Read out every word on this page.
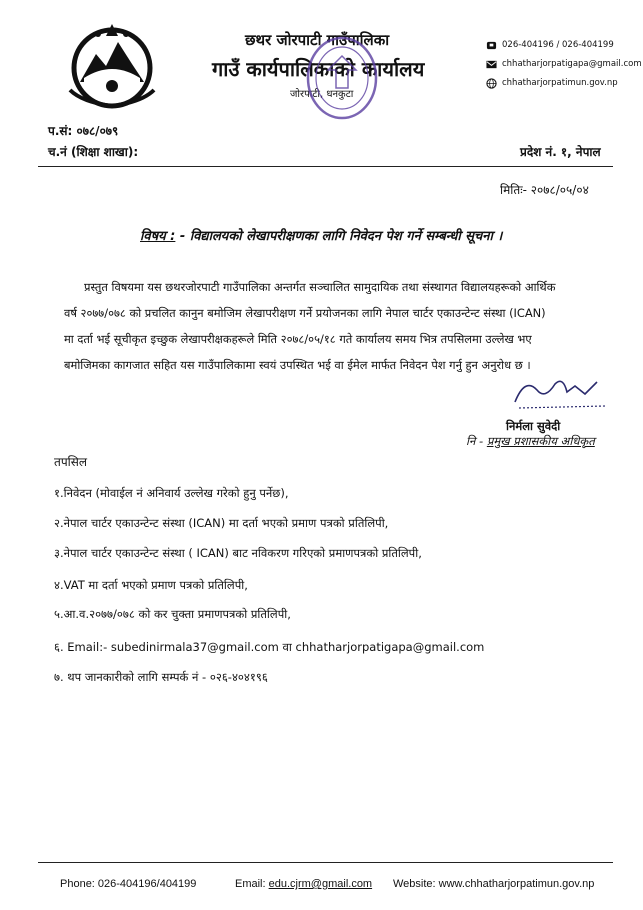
छथर जोरपाटी गाउँपालिका
गाउँ कार्यपालिकाको कार्यालय
जोरपाटी, धनकुटा
026-404196 / 026-404199
chhatharjorpatigapa@gmail.com
chhatharjorpatimun.gov.np
प.सं: ०७८/०७९
च.नं (शिक्षा शाखा):	प्रदेश नं. १, नेपाल
मितिः- २०७८/०५/०४
विषय : - विद्यालयको लेखापरीक्षणका लागि निवेदन पेश गर्ने सम्बन्धी सूचना ।
प्रस्तुत विषयमा यस छथरजोरपाटी गाउँपालिका अन्तर्गत सञ्चालित सामुदायिक तथा संस्थागत विद्यालयहरूको आर्थिक
वर्ष २०७७/०७८ को प्रचलित कानुन बमोजिम लेखापरीक्षण गर्ने प्रयोजनका लागि नेपाल चार्टर एकाउन्टेन्ट संस्था (ICAN)
मा दर्ता भई सूचीकृत इच्छुक लेखापरीक्षकहरूले मिति २०७८/०५/१८ गते कार्यालय समय भित्र तपसिलमा उल्लेख भए
बमोजिमका कागजात सहित यस गाउँपालिकामा स्वयं उपस्थित भई वा ईमेल मार्फत निवेदन पेश गर्नु हुन अनुरोध छ ।
निर्मला सुवेदी
नि - प्रमुख प्रशासकीय अधिकृत
तपसिल
१.निवेदन (मोवाईल नं अनिवार्य उल्लेख गरेको हुनु पर्नेछ),
२.नेपाल चार्टर एकाउन्टेन्ट संस्था (ICAN) मा दर्ता भएको प्रमाण पत्रको प्रतिलिपी,
३.नेपाल चार्टर एकाउन्टेन्ट संस्था ( ICAN) बाट नविकरण गरिएको प्रमाणपत्रको प्रतिलिपी,
४.VAT मा दर्ता भएको प्रमाण पत्रको प्रतिलिपी,
५.आ.व.२०७७/०७८ को कर चुक्ता प्रमाणपत्रको प्रतिलिपी,
६. Email:- subedinirmala37@gmail.com वा chhatharjorpatigapa@gmail.com
७. थप जानकारीको लागि सम्पर्क नं - ०२६-४०४१९६
Phone: 026-404196/404199	Email: edu.cjrm@gmail.com Website: www.chhatharjorpatimun.gov.np
